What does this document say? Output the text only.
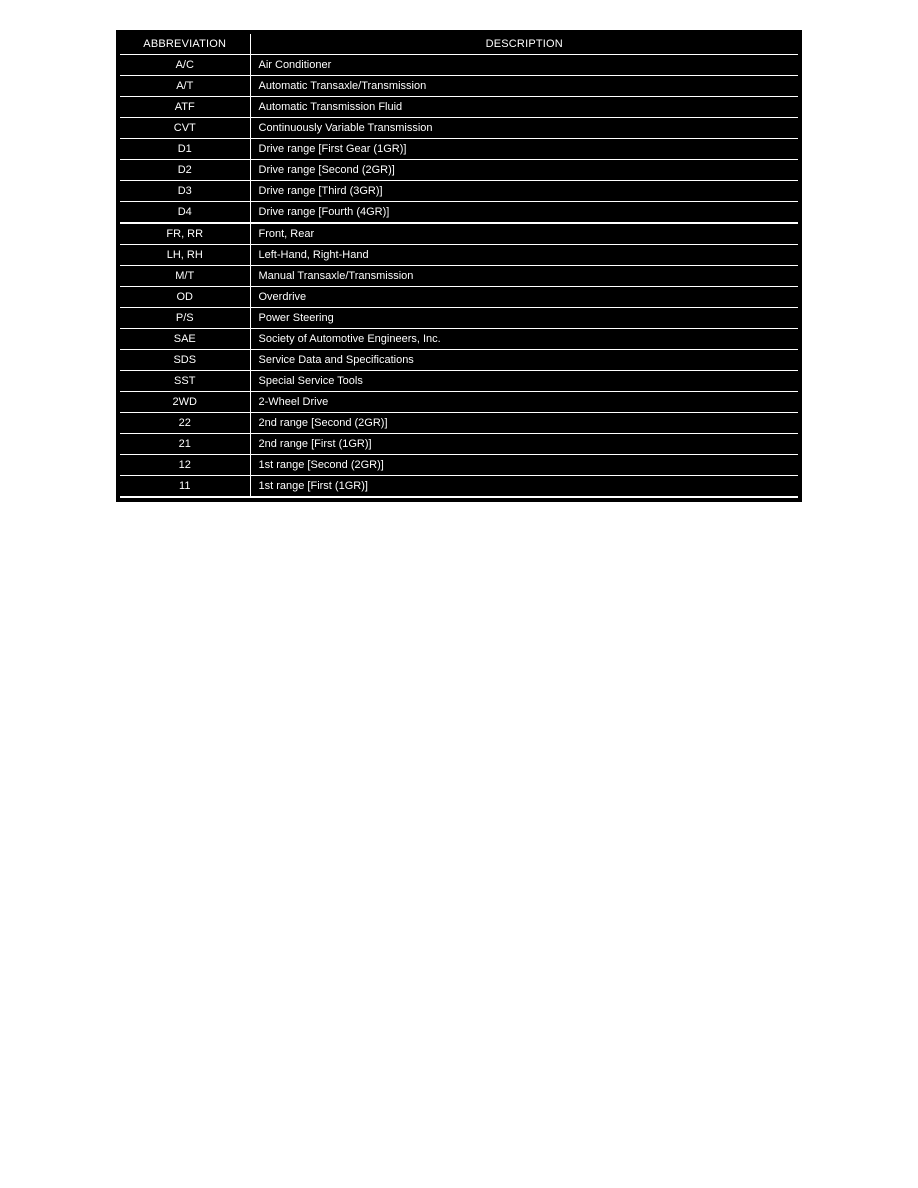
ABBREVIATION	DESCRIPTION
A/C	Air Conditioner
A/T	Automatic Transaxle/Transmission
ATF	Automatic Transmission Fluid
CVT	Continuously Variable Transmission
D1	Drive range [First Gear (1GR)]
D2	Drive range [Second (2GR)]
D3	Drive range [Third (3GR)]
D4	Drive range [Fourth (4GR)]
FR, RR	Front, Rear
LH, RH	Left-Hand, Right-Hand
M/T	Manual Transaxle/Transmission
OD	Overdrive
P/S	Power Steering
SAE	Society of Automotive Engineers, Inc.
SDS	Service Data and Specifications
SST	Special Service Tools
2WD	2-Wheel Drive
22	2nd range [Second (2GR)]
21	2nd range [First (1GR)]
12	1st range [Second (2GR)]
11	1st range [First (1GR)]
